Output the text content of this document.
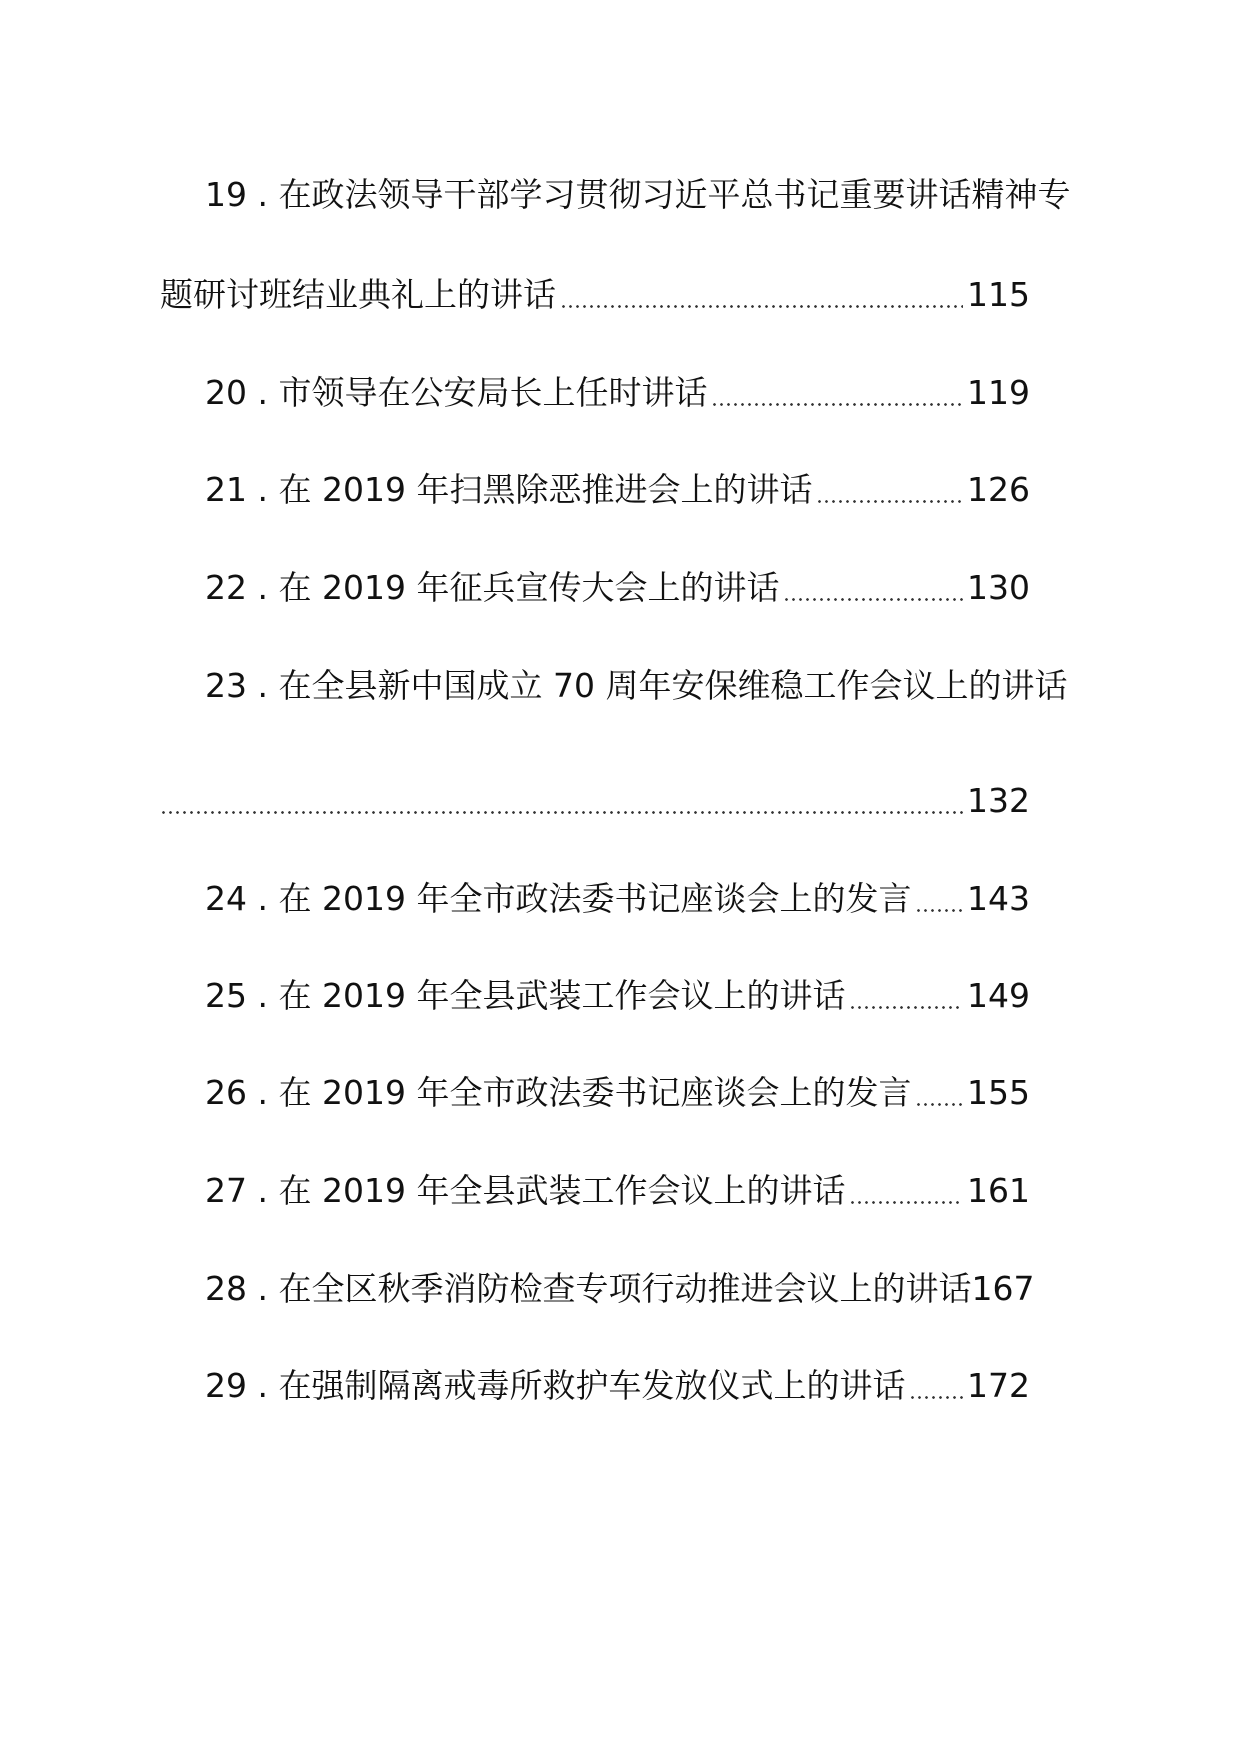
19 . 在政法领导干部学习贯彻习近平总书记重要讲话精神专
题研讨班结业典礼上的讲话	115
20 . 市领导在公安局长上任时讲话	119
21 . 在 2019 年扫黑除恶推进会上的讲话	126
22 . 在 2019 年征兵宣传大会上的讲话	130
23 . 在全县新中国成立 70 周年安保维稳工作会议上的讲话
132
24 . 在 2019 年全市政法委书记座谈会上的发言 143
25 . 在 2019 年全县武装工作会议上的讲话	149
26 . 在 2019 年全市政法委书记座谈会上的发言 155
27 . 在 2019 年全县武装工作会议上的讲话	161
28 . 在全区秋季消防检查专项行动推进会议上的讲话167
29 . 在强制隔离戒毒所救护车发放仪式上的讲话 172
